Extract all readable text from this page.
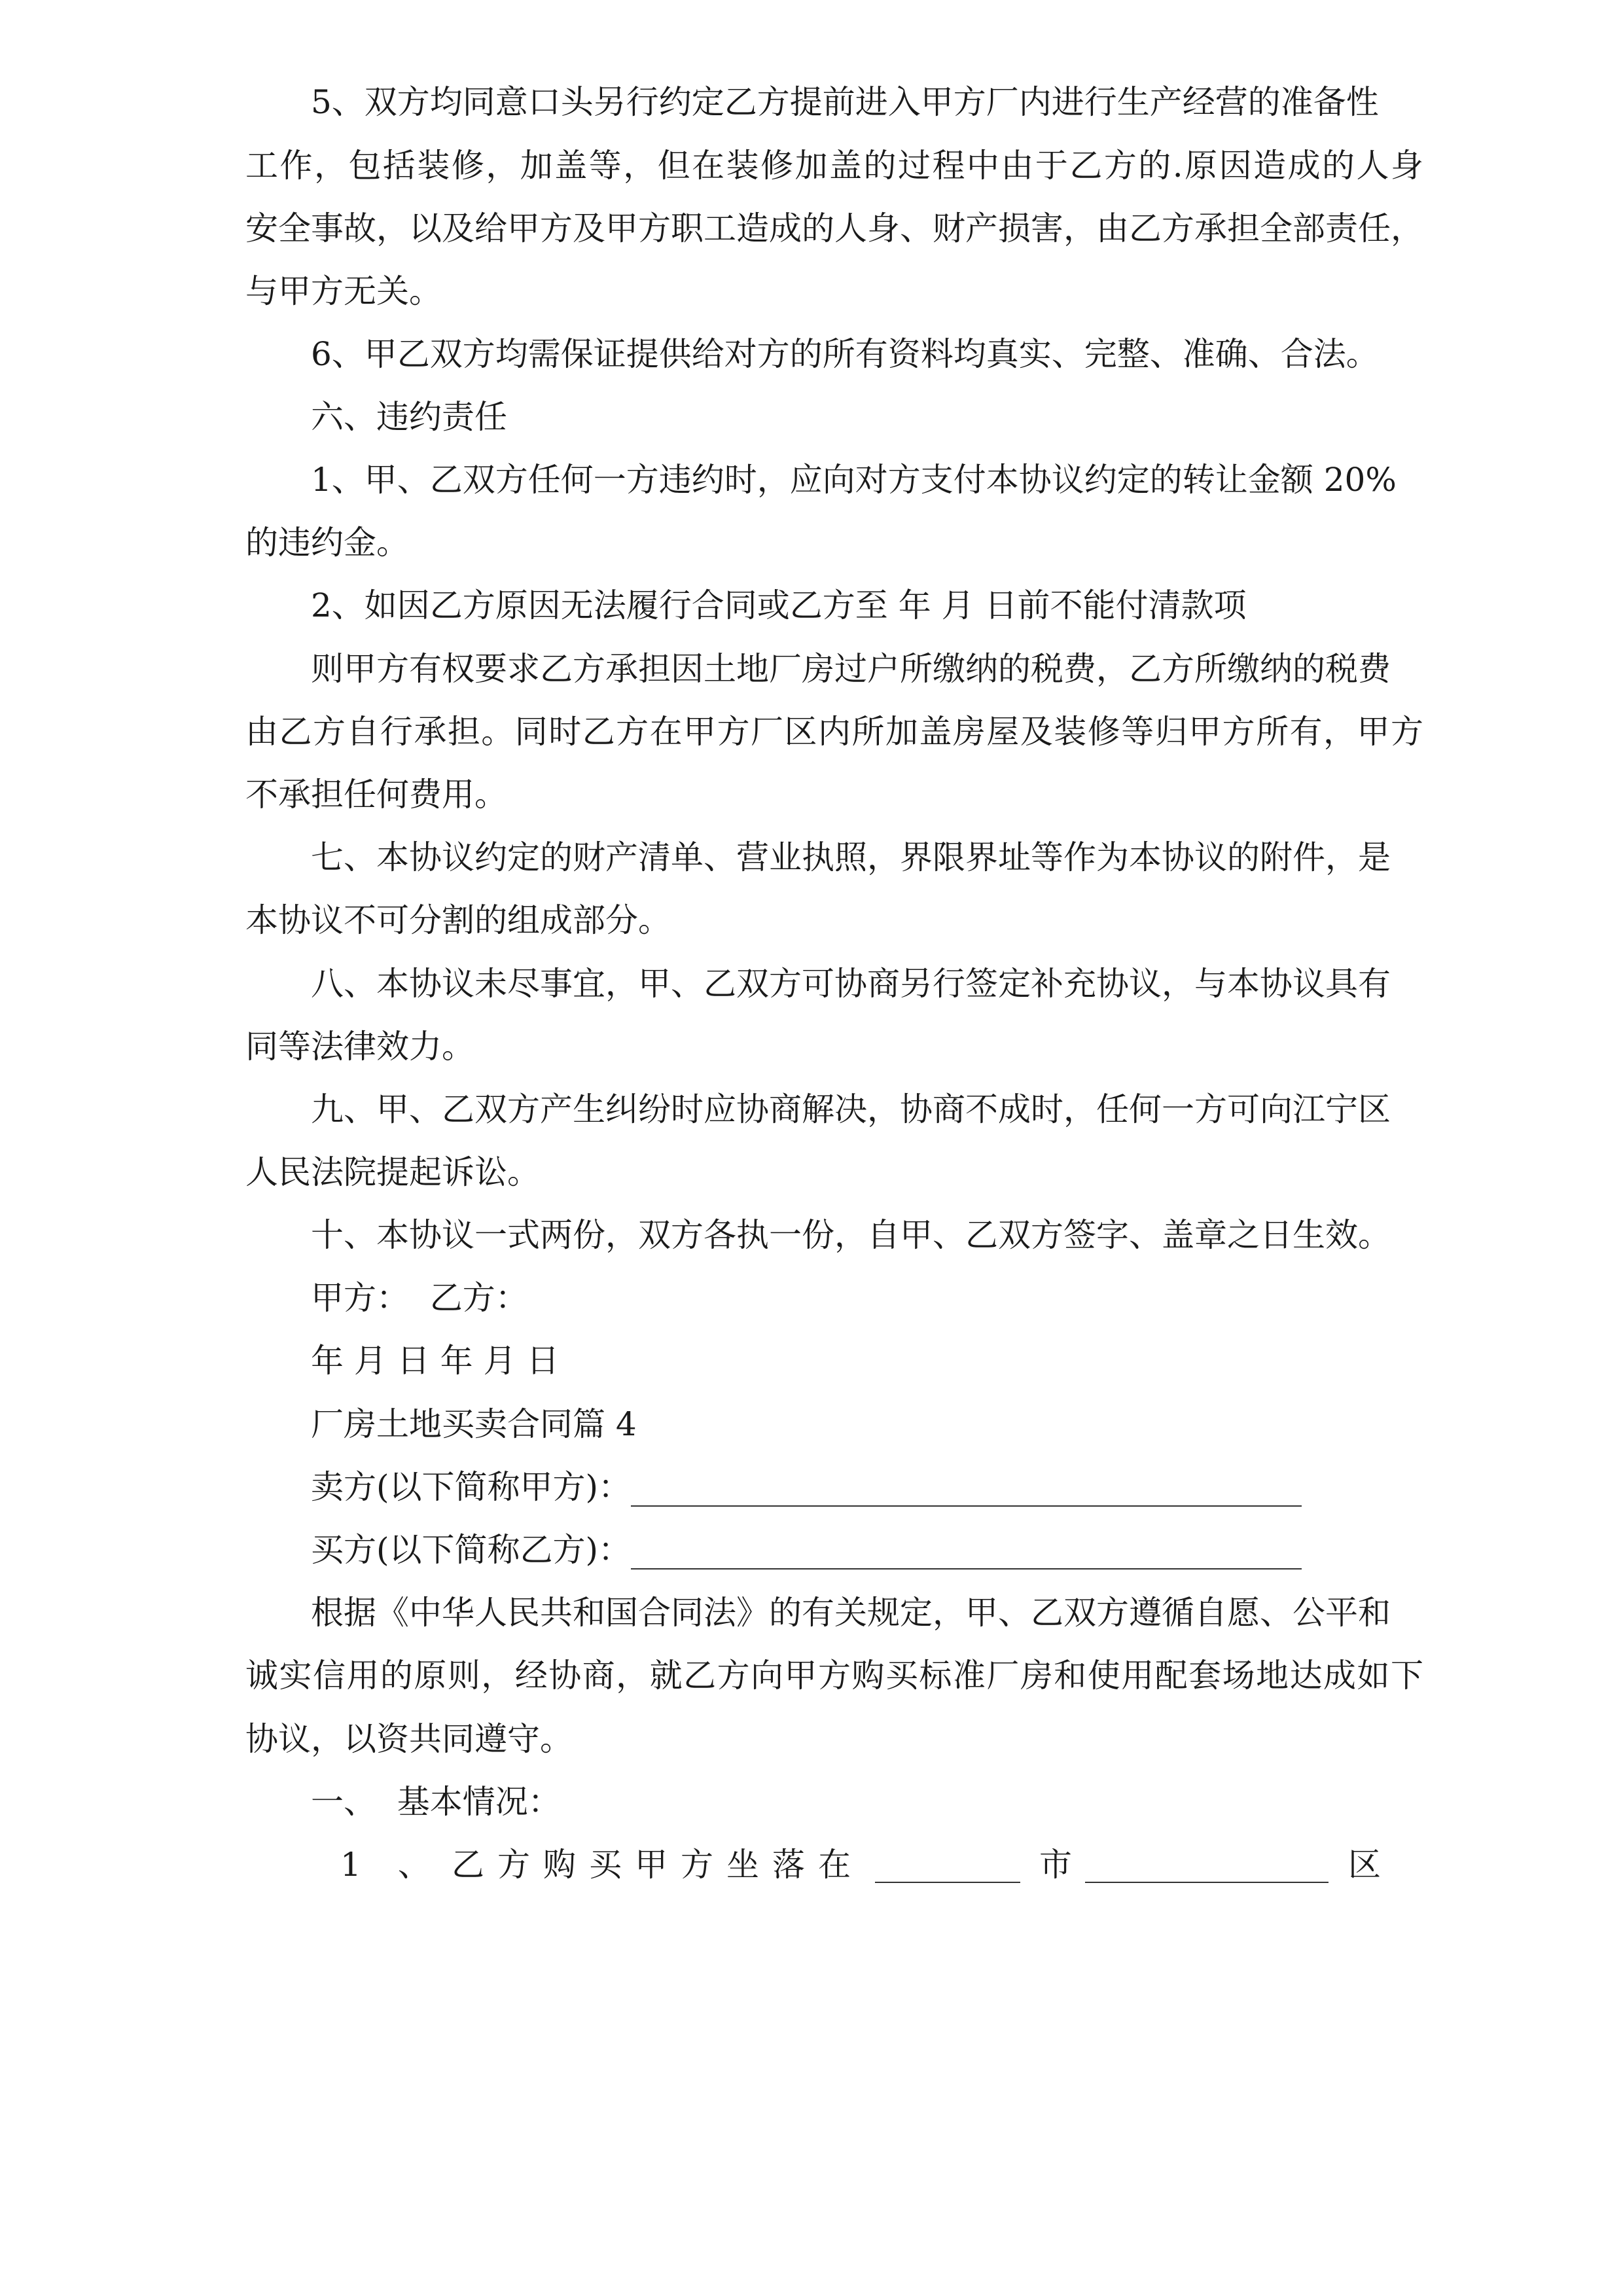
5、双方均同意口头另行约定乙方提前进入甲方厂内进行生产经营的准备性
工作，包括装修，加盖等，但在装修加盖的过程中由于乙方的.原因造成的人身
安全事故，以及给甲方及甲方职工造成的人身、财产损害，由乙方承担全部责任，
与甲方无关。
6、甲乙双方均需保证提供给对方的所有资料均真实、完整、准确、合法。
六、违约责任
1、甲、乙双方任何一方违约时，应向对方支付本协议约定的转让金额 20%
的违约金。
2、如因乙方原因无法履行合同或乙方至 年 月 日前不能付清款项
则甲方有权要求乙方承担因土地厂房过户所缴纳的税费，乙方所缴纳的税费
由乙方自行承担。同时乙方在甲方厂区内所加盖房屋及装修等归甲方所有，甲方
不承担任何费用。
七、本协议约定的财产清单、营业执照，界限界址等作为本协议的附件，是
本协议不可分割的组成部分。
八、本协议未尽事宜，甲、乙双方可协商另行签定补充协议，与本协议具有
同等法律效力。
九、甲、乙双方产生纠纷时应协商解决，协商不成时，任何一方可向江宁区
人民法院提起诉讼。
十、本协议一式两份，双方各执一份，自甲、乙双方签字、盖章之日生效。
甲方：  乙方：
年 月 日 年 月 日
厂房土地买卖合同篇 4
卖方(以下简称甲方)：
买方(以下简称乙方)：
根据《中华人民共和国合同法》的有关规定，甲、乙双方遵循自愿、公平和
诚实信用的原则，经协商，就乙方向甲方购买标准厂房和使用配套场地达成如下
协议，以资共同遵守。
一、  基本情况：
1 、 乙方购买甲方坐落在	市	区
